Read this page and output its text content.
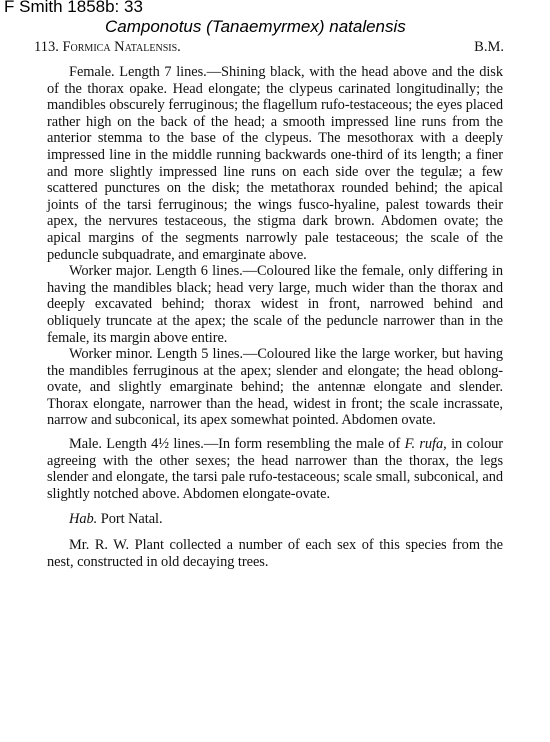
F Smith 1858b: 33
Camponotus (Tanaemyrmex) natalensis
113. Formica Natalensis.	B.M.

Female. Length 7 lines.—Shining black, with the head above and the disk of the thorax opake. Head elongate; the clypeus carinated longitudinally; the mandibles obscurely ferruginous; the flagellum rufo-testaceous; the eyes placed rather high on the back of the head; a smooth impressed line runs from the anterior stemma to the base of the clypeus. The mesothorax with a deeply impressed line in the middle running backwards one-third of its length; a finer and more slightly impressed line runs on each side over the tegulæ; a few scattered punctures on the disk; the metathorax rounded behind; the apical joints of the tarsi ferruginous; the wings fusco-hyaline, palest towards their apex, the nervures testaceous, the stigma dark brown. Abdomen ovate; the apical margins of the segments narrowly pale testaceous; the scale of the peduncle subquadrate, and emarginate above.

Worker major. Length 6 lines.—Coloured like the female, only differing in having the mandibles black; head very large, much wider than the thorax and deeply excavated behind; thorax widest in front, narrowed behind and obliquely truncate at the apex; the scale of the peduncle narrower than in the female, its margin above entire.

Worker minor. Length 5 lines.—Coloured like the large worker, but having the mandibles ferruginous at the apex; slender and elongate; the head oblong-ovate, and slightly emarginate behind; the antennæ elongate and slender. Thorax elongate, narrower than the head, widest in front; the scale incrassate, narrow and subconical, its apex somewhat pointed. Abdomen ovate.

Male. Length 4½ lines.—In form resembling the male of F. rufa, in colour agreeing with the other sexes; the head narrower than the thorax, the legs slender and elongate, the tarsi pale rufo-testaceous; scale small, subconical, and slightly notched above. Abdomen elongate-ovate.

Hab. Port Natal.

Mr. R. W. Plant collected a number of each sex of this species from the nest, constructed in old decaying trees.
